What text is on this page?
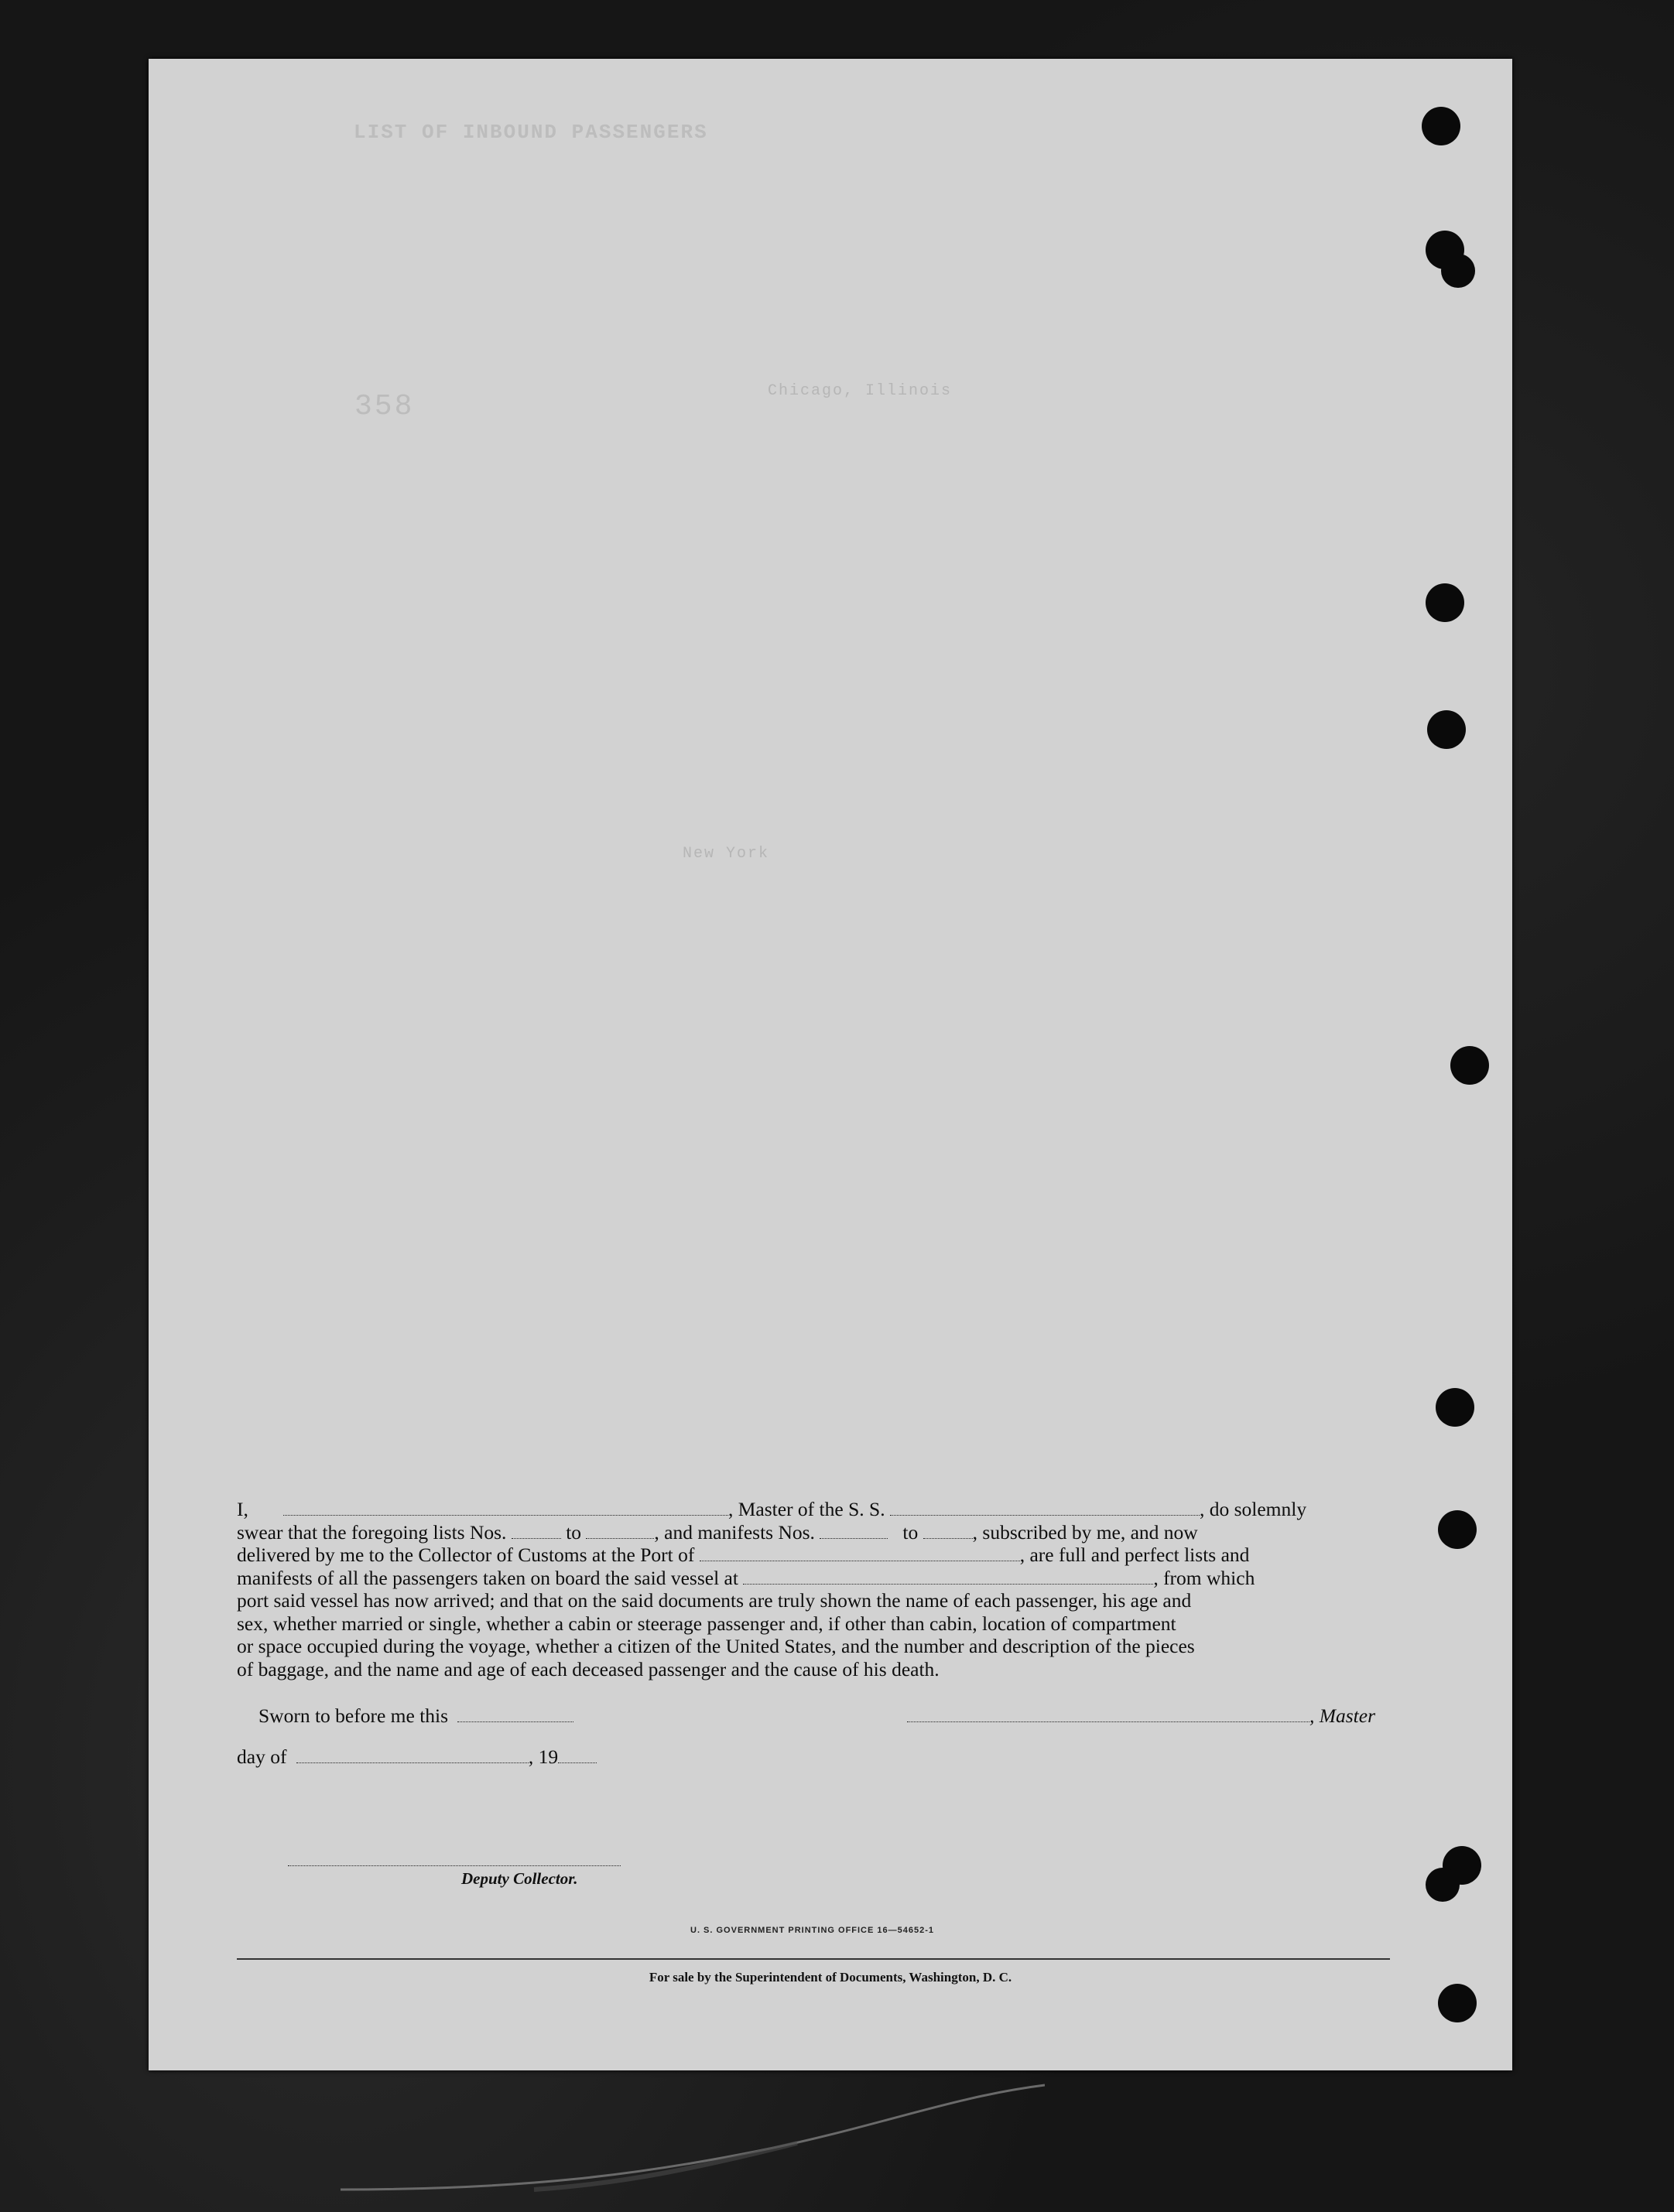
LIST OF INBOUND PASSENGERS
Chicago, Illinois
New York
358
I,	, Master of the S. S.	, do solemnly
swear that the foregoing lists Nos.	to	, and manifests Nos.	to	, subscribed by me, and now
delivered by me to the Collector of Customs at the Port of	, are full and perfect lists and
manifests of all the passengers taken on board the said vessel at	, from which
port said vessel has now arrived; and that on the said documents are truly shown the name of each passenger, his age and
sex, whether married or single, whether a cabin or steerage passenger and, if other than cabin, location of compartment
or space occupied during the voyage, whether a citizen of the United States, and the number and description of the pieces
of baggage, and the name and age of each deceased passenger and the cause of his death.
Sworn to before me this	, Master
day of	, 19
Deputy Collector.
U. S. GOVERNMENT PRINTING OFFICE 16—54652-1
For sale by the Superintendent of Documents, Washington, D. C.
